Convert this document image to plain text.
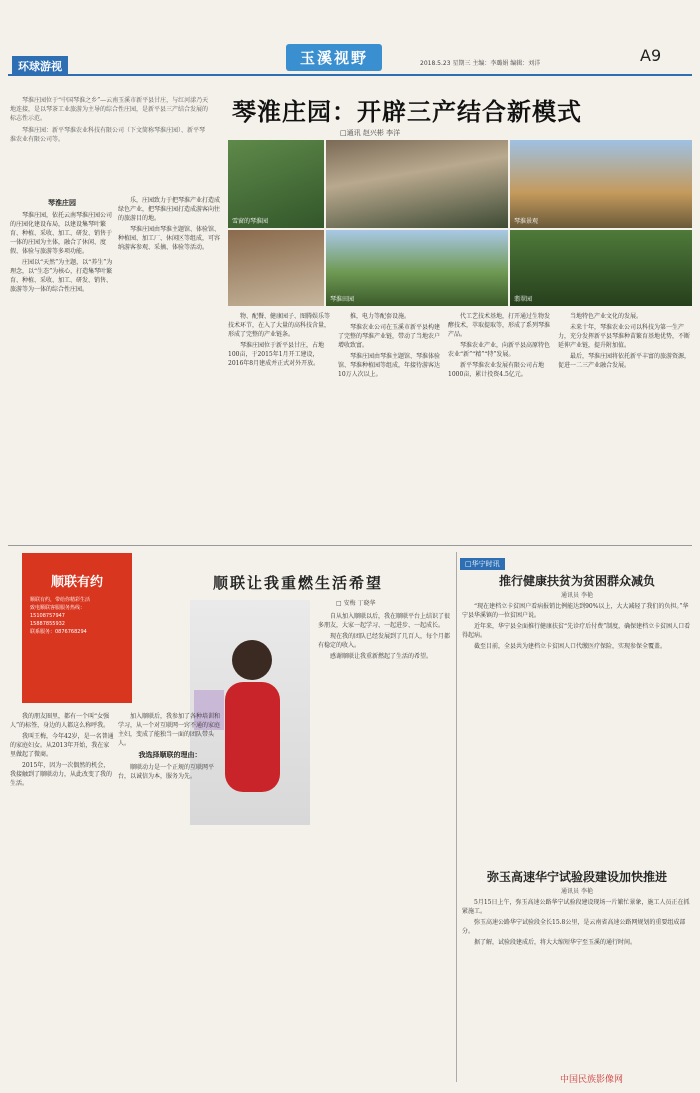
环球游视	玉溪视野	2018.5.23 星期三 主编：李璐娟 编辑：刘洋	A9

琴淮庄园位于“中国琴淮之乡”—云南玉溪市新平县甘庄，与红河漾乃天地连接，是以琴茶工业旅游为主导的综合性庄园，是新平县三产结合发展的标志性示范。

琴淮庄园：新平琴淮农业科技有限公司（下文简称琴淮庄园）、新平琴淮农业有限公司等。

琴淮庄园：开辟三产结合新模式
□通讯 赵兴彬 李洋
雪窗的琴淮园	琴淮景观
琴淮田园	翡翠园

琴淮庄园

琴淮庄园，依托云南琴淮庄园公司的庄园化建设布局，以建设集琴叶繁育、种植、采收、加工、研发、销售于一体的庄园为主体，融合了休闲、度假、体验与旅游等多项功能。

庄园以“天然”为主题，以“养生”为理念，以“生态”为核心，打造集琴叶繁育、种植、采收、加工、研发、销售、旅游等为一体的综合性庄园。

乐，庄园致力于把琴淮产业打造成绿色产业，把琴淮庄园打造成游客向往的旅游目的地。

琴淮庄园由琴淮主题馆、体验馆、种植园、加工厂、休闲区等组成，可容纳游客参观、采摘、体验等活动。

物、配餐、健康园子、图腾娱乐等技术环节，在入了大量的高科技含量，形成了完整的产业链条。

琴淮庄园位于新平县甘庄，占地100亩，于2015年1月开工建设，2016年8月建成并正式对外开放。

推，电力等配套设施。

琴淮农业公司在玉溪市新平县构建了完整的琴淮产业链，带动了当地农户增收致富。

琴淮庄园由琴淮主题馆、琴淮体验馆、琴淮种植园等组成，年接待游客达10万人次以上。

代工艺技术基地，打开通过生物发酵技术，萃取提取等，形成了系列琴淮产品。

琴淮农业产业，向新平县高原特色农业“新”“精”“特”发展。

新平琴淮农业发展有限公司占地1000亩，累计投资4.5亿元。

当地特色产业文化的发展。

未来十年，琴淮农业公司以科技为第一生产力，充分发挥新平县琴淮种苗繁育基地优势，不断延伸产业链，提升附加值。

最后，琴淮庄园将依托新平丰富的旅游资源，促进一二三产业融合发展。

顺联有约
顺联有约，带给你精彩生活
致电顺联客服服务热线：
15108757947
15887855932
联系服务：0876768294
顺联让我重燃生活希望
□ 安梅 丁晓华

我的朋友圈里，都有一个叫“女强人”的标签，身边的人都这么称呼我。

我叫王梅，今年42岁，是一名普通的家庭妇女。从2013年开始，我在家里做起了微商。

2015年，因为一次偶然的机会，我接触到了顺联动力，从此改变了我的生活。

加入顺联后，我参加了各种培训和学习，从一个对互联网一窍不通的家庭主妇，变成了能独当一面的团队带头人。

我选择顺联的理由：

顺联动力是一个正规的互联网平台，以诚信为本，服务为先。

自从加入顺联以后，我在顺联平台上结识了很多朋友，大家一起学习、一起进步、一起成长。

现在我的团队已经发展到了几百人，每个月都有稳定的收入。

感谢顺联让我重新燃起了生活的希望。

□华宁时讯
推行健康扶贫为贫困群众减负
通讯员 李艳

“现在建档立卡贫困户看病报销比例能达到90%以上，大大减轻了我们的负担。”华宁县华溪镇的一位贫困户说。

近年来，华宁县全面推行健康扶贫“先诊疗后付费”制度，确保建档立卡贫困人口看得起病。

截至目前，全县共为建档立卡贫困人口代缴医疗保险，实现参保全覆盖。

弥玉高速华宁试验段建设加快推进
通讯员 李艳

5月15日上午，弥玉高速公路华宁试验段建设现场一片繁忙景象，施工人员正在抓紧施工。

弥玉高速公路华宁试验段全长15.8公里，是云南省高速公路网规划的重要组成部分。

据了解，试验段建成后，将大大缩短华宁至玉溪的通行时间。

中国民族影像网
